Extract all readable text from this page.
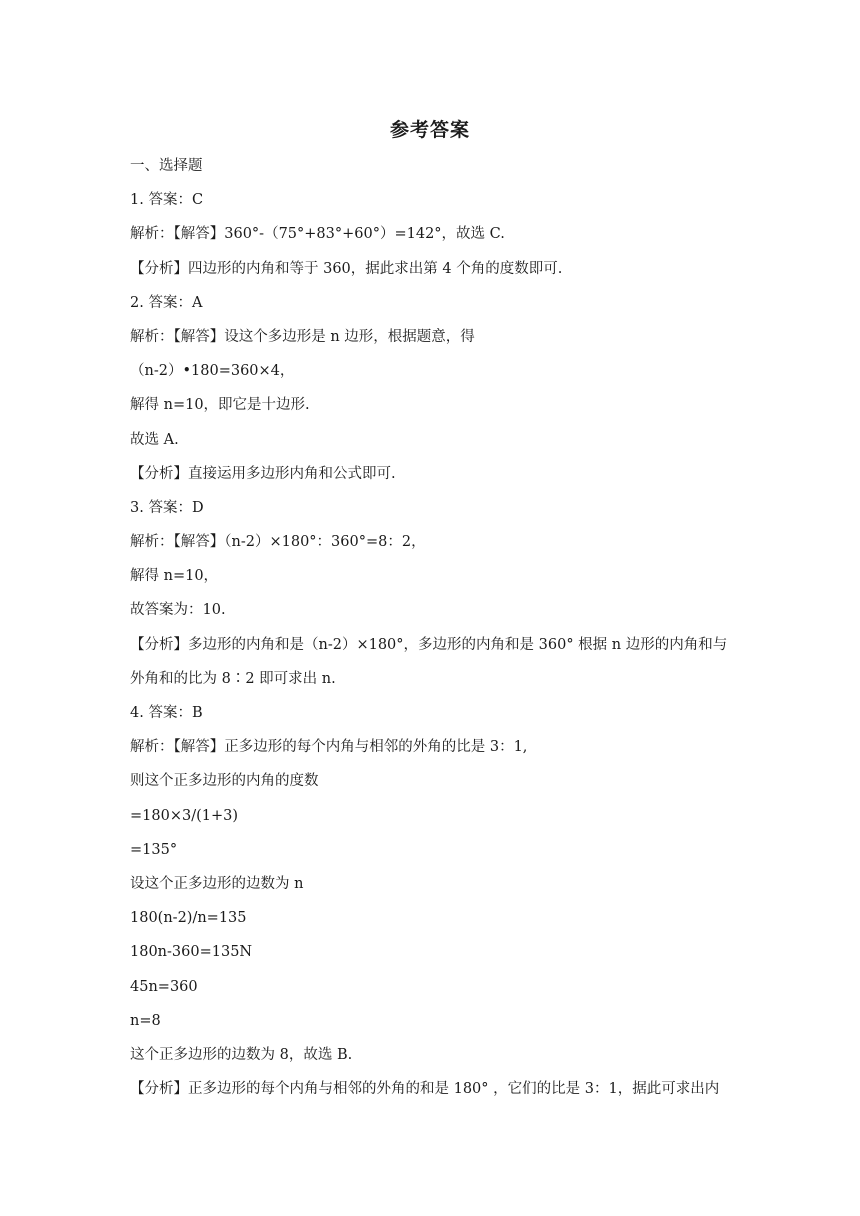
参考答案
一、选择题
1. 答案：C
解析：【解答】360°-（75°+83°+60°）=142°，故选 C.
【分析】四边形的内角和等于 360，据此求出第 4 个角的度数即可.
2. 答案：A
解析：【解答】设这个多边形是 n 边形，根据题意，得
（n-2）•180=360×4，
解得 n=10，即它是十边形.
故选 A.
【分析】直接运用多边形内角和公式即可.
3. 答案：D
解析：【解答】（n-2）×180°：360°=8：2，
解得 n=10，
故答案为：10.
【分析】多边形的内角和是（n-2）×180°，多边形的内角和是 360° 根据 n 边形的内角和与
外角和的比为 8∶2 即可求出 n.
4. 答案：B
解析：【解答】正多边形的每个内角与相邻的外角的比是 3：1,
则这个正多边形的内角的度数
=180×3/(1+3)
=135°
设这个正多边形的边数为 n
180(n-2)/n=135
180n-360=135N
45n=360
n=8
这个正多边形的边数为 8，故选 B.
【分析】正多边形的每个内角与相邻的外角的和是 180° ，它们的比是 3：1，据此可求出内
